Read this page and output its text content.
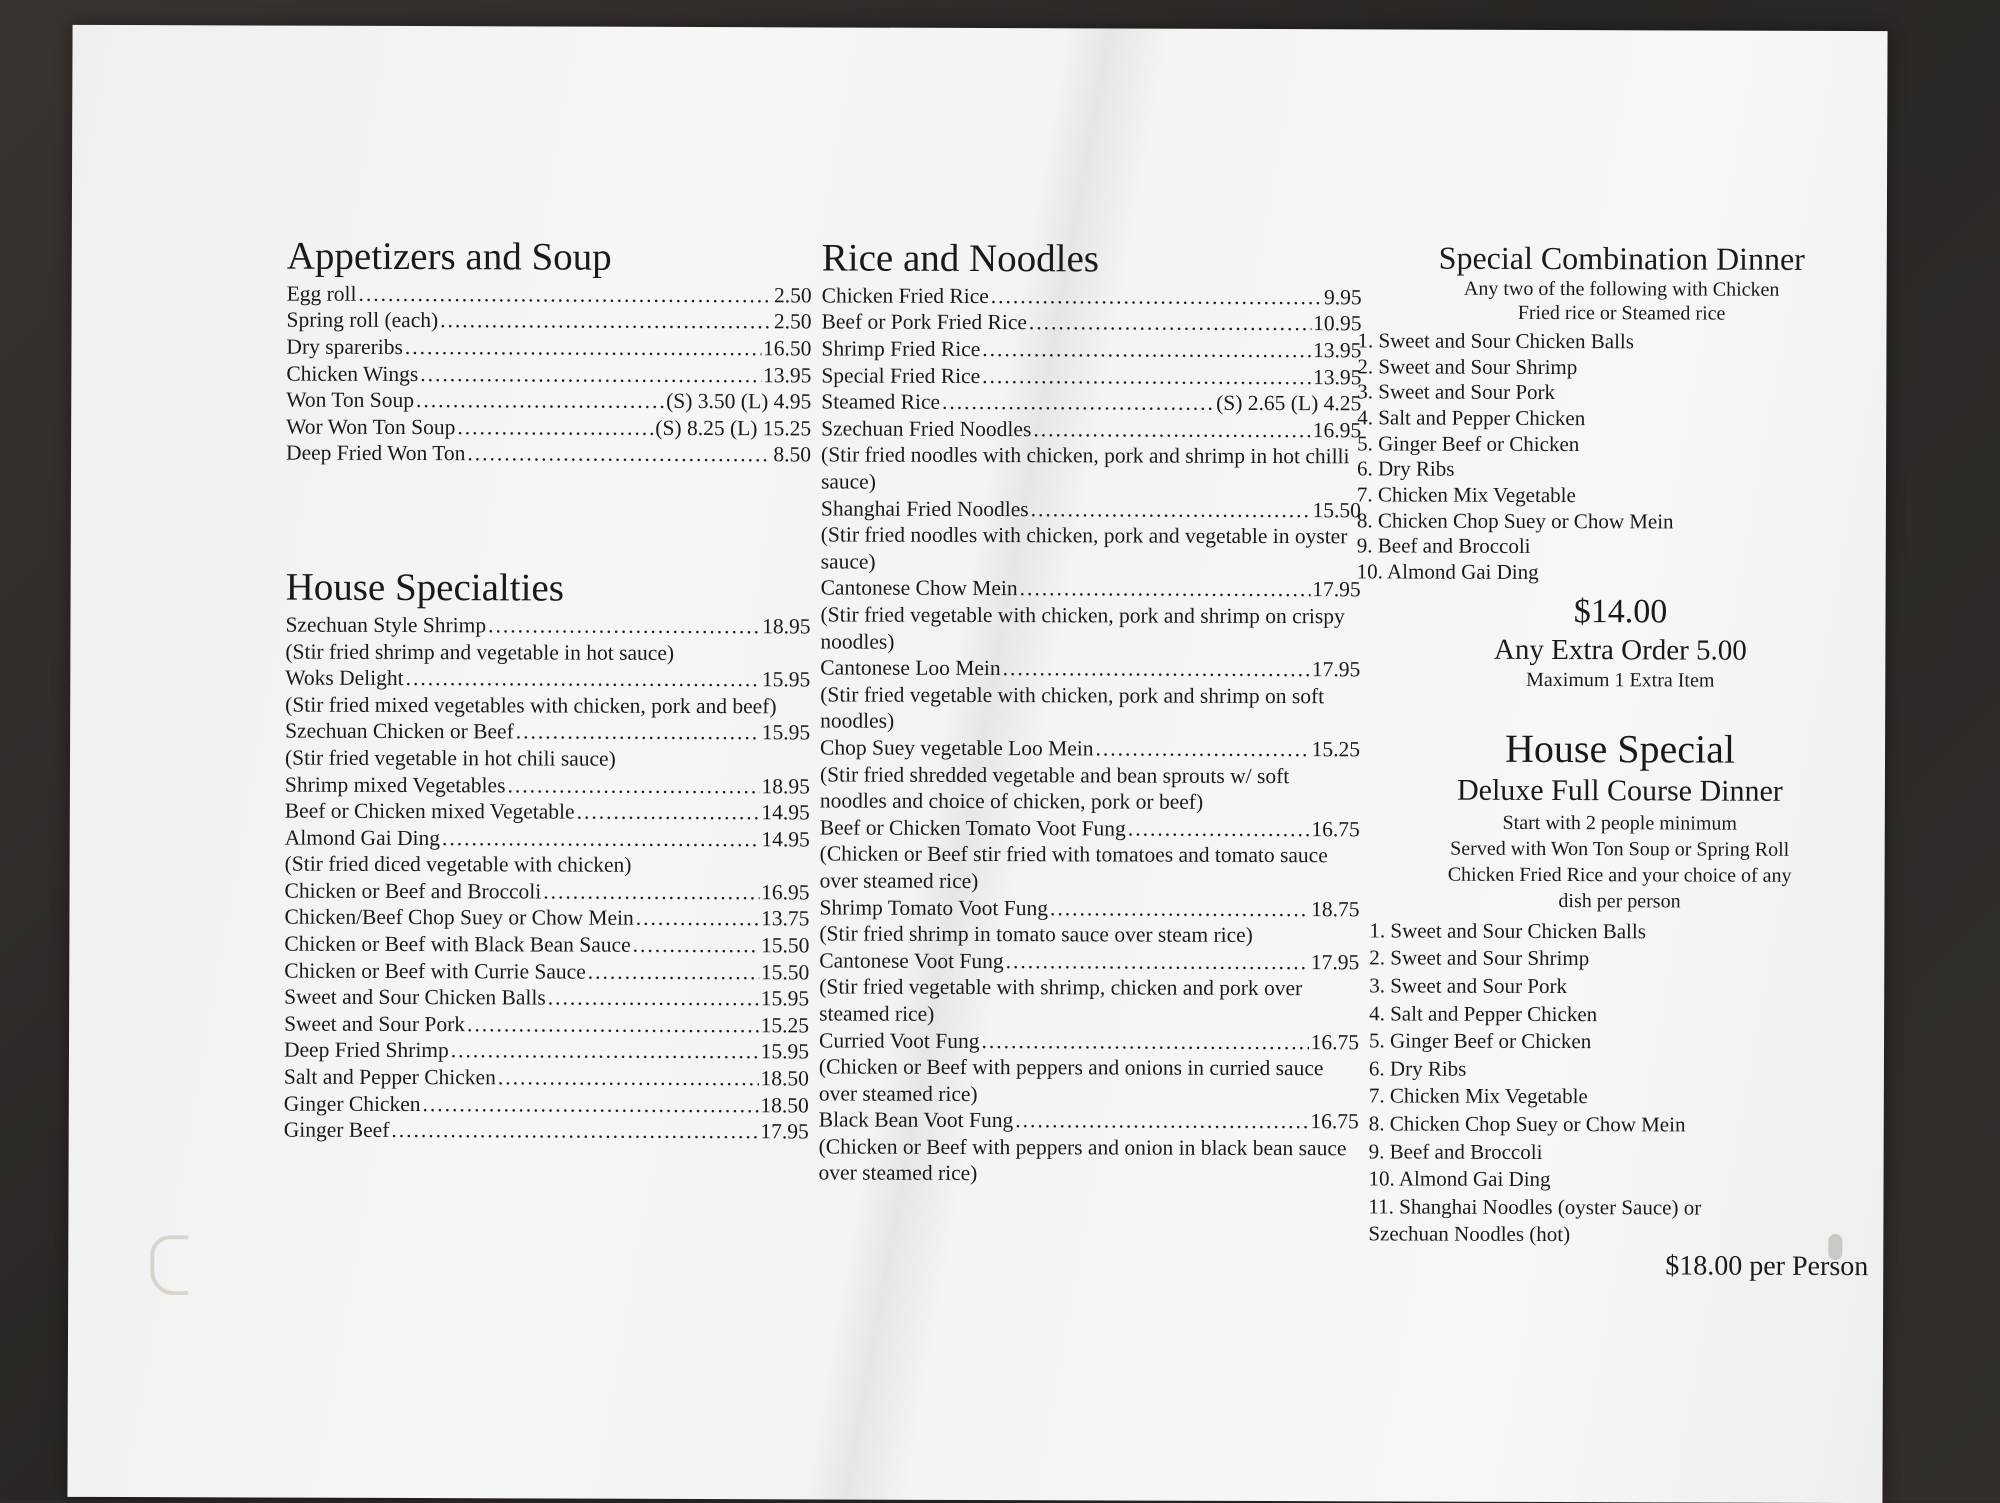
Appetizers and Soup
Egg roll .....	2.50
Spring roll (each) .....	2.50
Dry spareribs .....	16.50
Chicken Wings .....	13.95
Won Ton Soup .....	(S) 3.50 (L) 4.95
Wor Won Ton Soup .....	(S) 8.25 (L) 15.25
Deep Fried Won Ton .....	8.50
House Specialties
Szechuan Style Shrimp .....	18.95
(Stir fried shrimp and vegetable in hot sauce)
Woks Delight .....	15.95
(Stir fried mixed vegetables with chicken, pork and beef)
Szechuan Chicken or Beef .....	15.95
(Stir fried vegetable in hot chili sauce)
Shrimp mixed Vegetables .....	18.95
Beef or Chicken mixed Vegetable .....	14.95
Almond Gai Ding .....	14.95
(Stir fried diced vegetable with chicken)
Chicken or Beef and Broccoli .....	16.95
Chicken/Beef Chop Suey or Chow Mein .....	13.75
Chicken or Beef with Black Bean Sauce .....	15.50
Chicken or Beef with Currie Sauce .....	15.50
Sweet and Sour Chicken Balls .....	15.95
Sweet and Sour Pork .....	15.25
Deep Fried Shrimp .....	15.95
Salt and Pepper Chicken .....	18.50
Ginger Chicken .....	18.50
Ginger Beef .....	17.95
Rice and Noodles
Chicken Fried Rice .....	9.95
Beef or Pork Fried Rice .....	10.95
Shrimp Fried Rice .....	13.95
Special Fried Rice .....	13.95
Steamed Rice .....	(S) 2.65 (L) 4.25
Szechuan Fried Noodles .....	16.95
(Stir fried noodles with chicken, pork and shrimp in hot chilli sauce)
Shanghai Fried Noodles .....	15.50
(Stir fried noodles with chicken, pork and vegetable in oyster sauce)
Cantonese Chow Mein .....	17.95
(Stir fried vegetable with chicken, pork and shrimp on crispy noodles)
Cantonese Loo Mein .....	17.95
(Stir fried vegetable with chicken, pork and shrimp on soft noodles)
Chop Suey vegetable Loo Mein .....	15.25
(Stir fried shredded vegetable and bean sprouts w/ soft noodles and choice of chicken, pork or beef)
Beef or Chicken Tomato Voot Fung .....	16.75
(Chicken or Beef stir fried with tomatoes and tomato sauce over steamed rice)
Shrimp Tomato Voot Fung .....	18.75
(Stir fried shrimp in tomato sauce over steam rice)
Cantonese Voot Fung .....	17.95
(Stir fried vegetable with shrimp, chicken and pork over steamed rice)
Curried Voot Fung .....	16.75
(Chicken or Beef with peppers and onions in curried sauce over steamed rice)
Black Bean Voot Fung .....	16.75
(Chicken or Beef with peppers and onion in black bean sauce over steamed rice)
Special Combination Dinner
Any two of the following with Chicken
Fried rice or Steamed rice
1. Sweet and Sour Chicken Balls
2. Sweet and Sour Shrimp
3. Sweet and Sour Pork
4. Salt and Pepper Chicken
5. Ginger Beef or Chicken
6. Dry Ribs
7. Chicken Mix Vegetable
8. Chicken Chop Suey or Chow Mein
9. Beef and Broccoli
10. Almond Gai Ding
$14.00
Any Extra Order 5.00
Maximum 1 Extra Item
House Special
Deluxe Full Course Dinner
Start with 2 people minimum
Served with Won Ton Soup or Spring Roll
Chicken Fried Rice and your choice of any
dish per person
1. Sweet and Sour Chicken Balls
2. Sweet and Sour Shrimp
3. Sweet and Sour Pork
4. Salt and Pepper Chicken
5. Ginger Beef or Chicken
6. Dry Ribs
7. Chicken Mix Vegetable
8. Chicken Chop Suey or Chow Mein
9. Beef and Broccoli
10. Almond Gai Ding
11. Shanghai Noodles (oyster Sauce) or
Szechuan Noodles (hot)
$18.00 per Person
